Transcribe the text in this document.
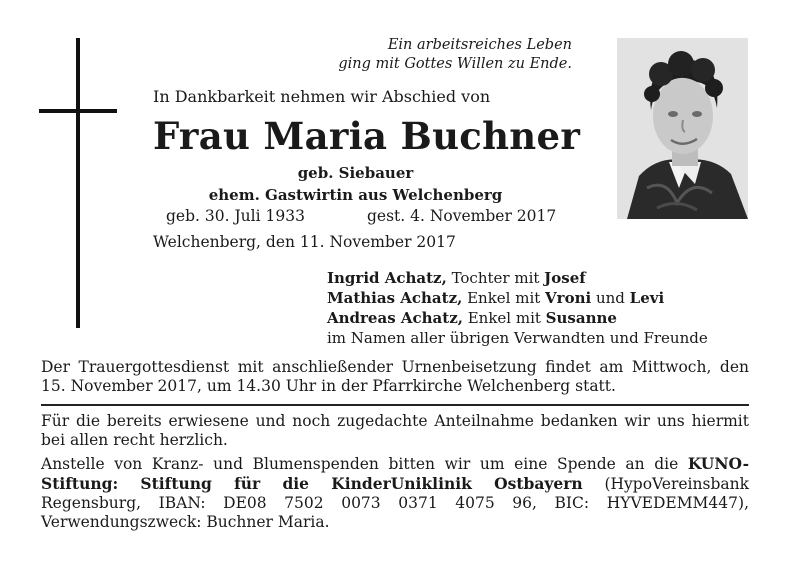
Ein arbeitsreiches Leben
ging mit Gottes Willen zu Ende.
In Dankbarkeit nehmen wir Abschied von
Frau Maria Buchner
geb. Siebauer
ehem. Gastwirtin aus Welchenberg
geb. 30. Juli 1933	gest. 4. November 2017
Welchenberg, den 11. November 2017
Ingrid Achatz, Tochter mit Josef
Mathias Achatz, Enkel mit Vroni und Levi
Andreas Achatz, Enkel mit Susanne
im Namen aller übrigen Verwandten und Freunde
Der Trauergottesdienst mit anschließender Urnenbeisetzung findet am Mittwoch, den 15. November 2017, um 14.30 Uhr in der Pfarrkirche Welchenberg statt.
Für die bereits erwiesene und noch zugedachte Anteilnahme bedanken wir uns hiermit bei allen recht herzlich.
Anstelle von Kranz- und Blumenspenden bitten wir um eine Spende an die KUNO-Stiftung: Stiftung für die KinderUniklinik Ostbayern (HypoVereinsbank Regensburg, IBAN: DE08 7502 0073 0371 4075 96, BIC: HYVEDEMM447), Verwendungszweck: Buchner Maria.
